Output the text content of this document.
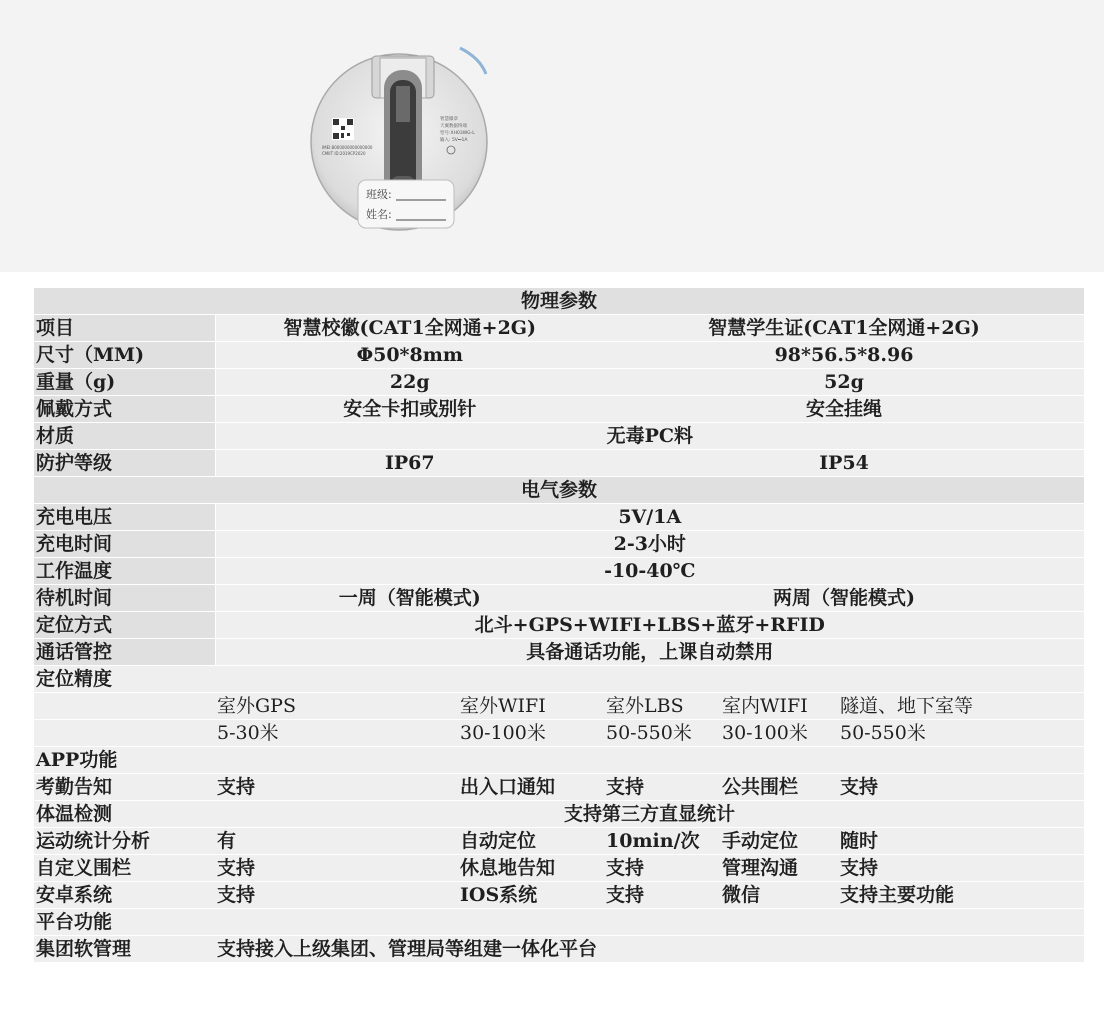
IMEI:8000000000000000
CMIIT ID:2019CP2020
智慧徽章
天翼数据终端
型号:XH03WG-L
输入: 5V⎓1A
班级:
姓名:
物理参数					
项目	智慧校徽(CAT1全网通+2G)		智慧学生证(CAT1全网通+2G)		
尺寸（MM)	Φ50*8mm		98*56.5*8.96		
重量（g)	22g		52g		
佩戴方式	安全卡扣或别针		安全挂绳		
材质	无毒PC料				
防护等级	IP67		IP54		
电气参数					
充电电压	5V/1A				
充电时间	2-3小时				
工作温度	-10-40℃				
待机时间	一周（智能模式)		两周（智能模式)		
定位方式	北斗+GPS+WIFI+LBS+蓝牙+RFID				
通话管控	具备通话功能，上课自动禁用				
定位精度					
	室外GPS	室外WIFI	室外LBS	室内WIFI	隧道、地下室等
	5-30米	30-100米	50-550米	30-100米	50-550米
APP功能					
考勤告知	支持	出入口通知	支持	公共围栏	支持
体温检测	支持第三方直显统计				
运动统计分析	有	自动定位	10min/次	手动定位	随时
自定义围栏	支持	休息地告知	支持	管理沟通	支持
安卓系统	支持	IOS系统	支持	微信	支持主要功能
平台功能					
集团软管理	支持接入上级集团、管理局等组建一体化平台				
